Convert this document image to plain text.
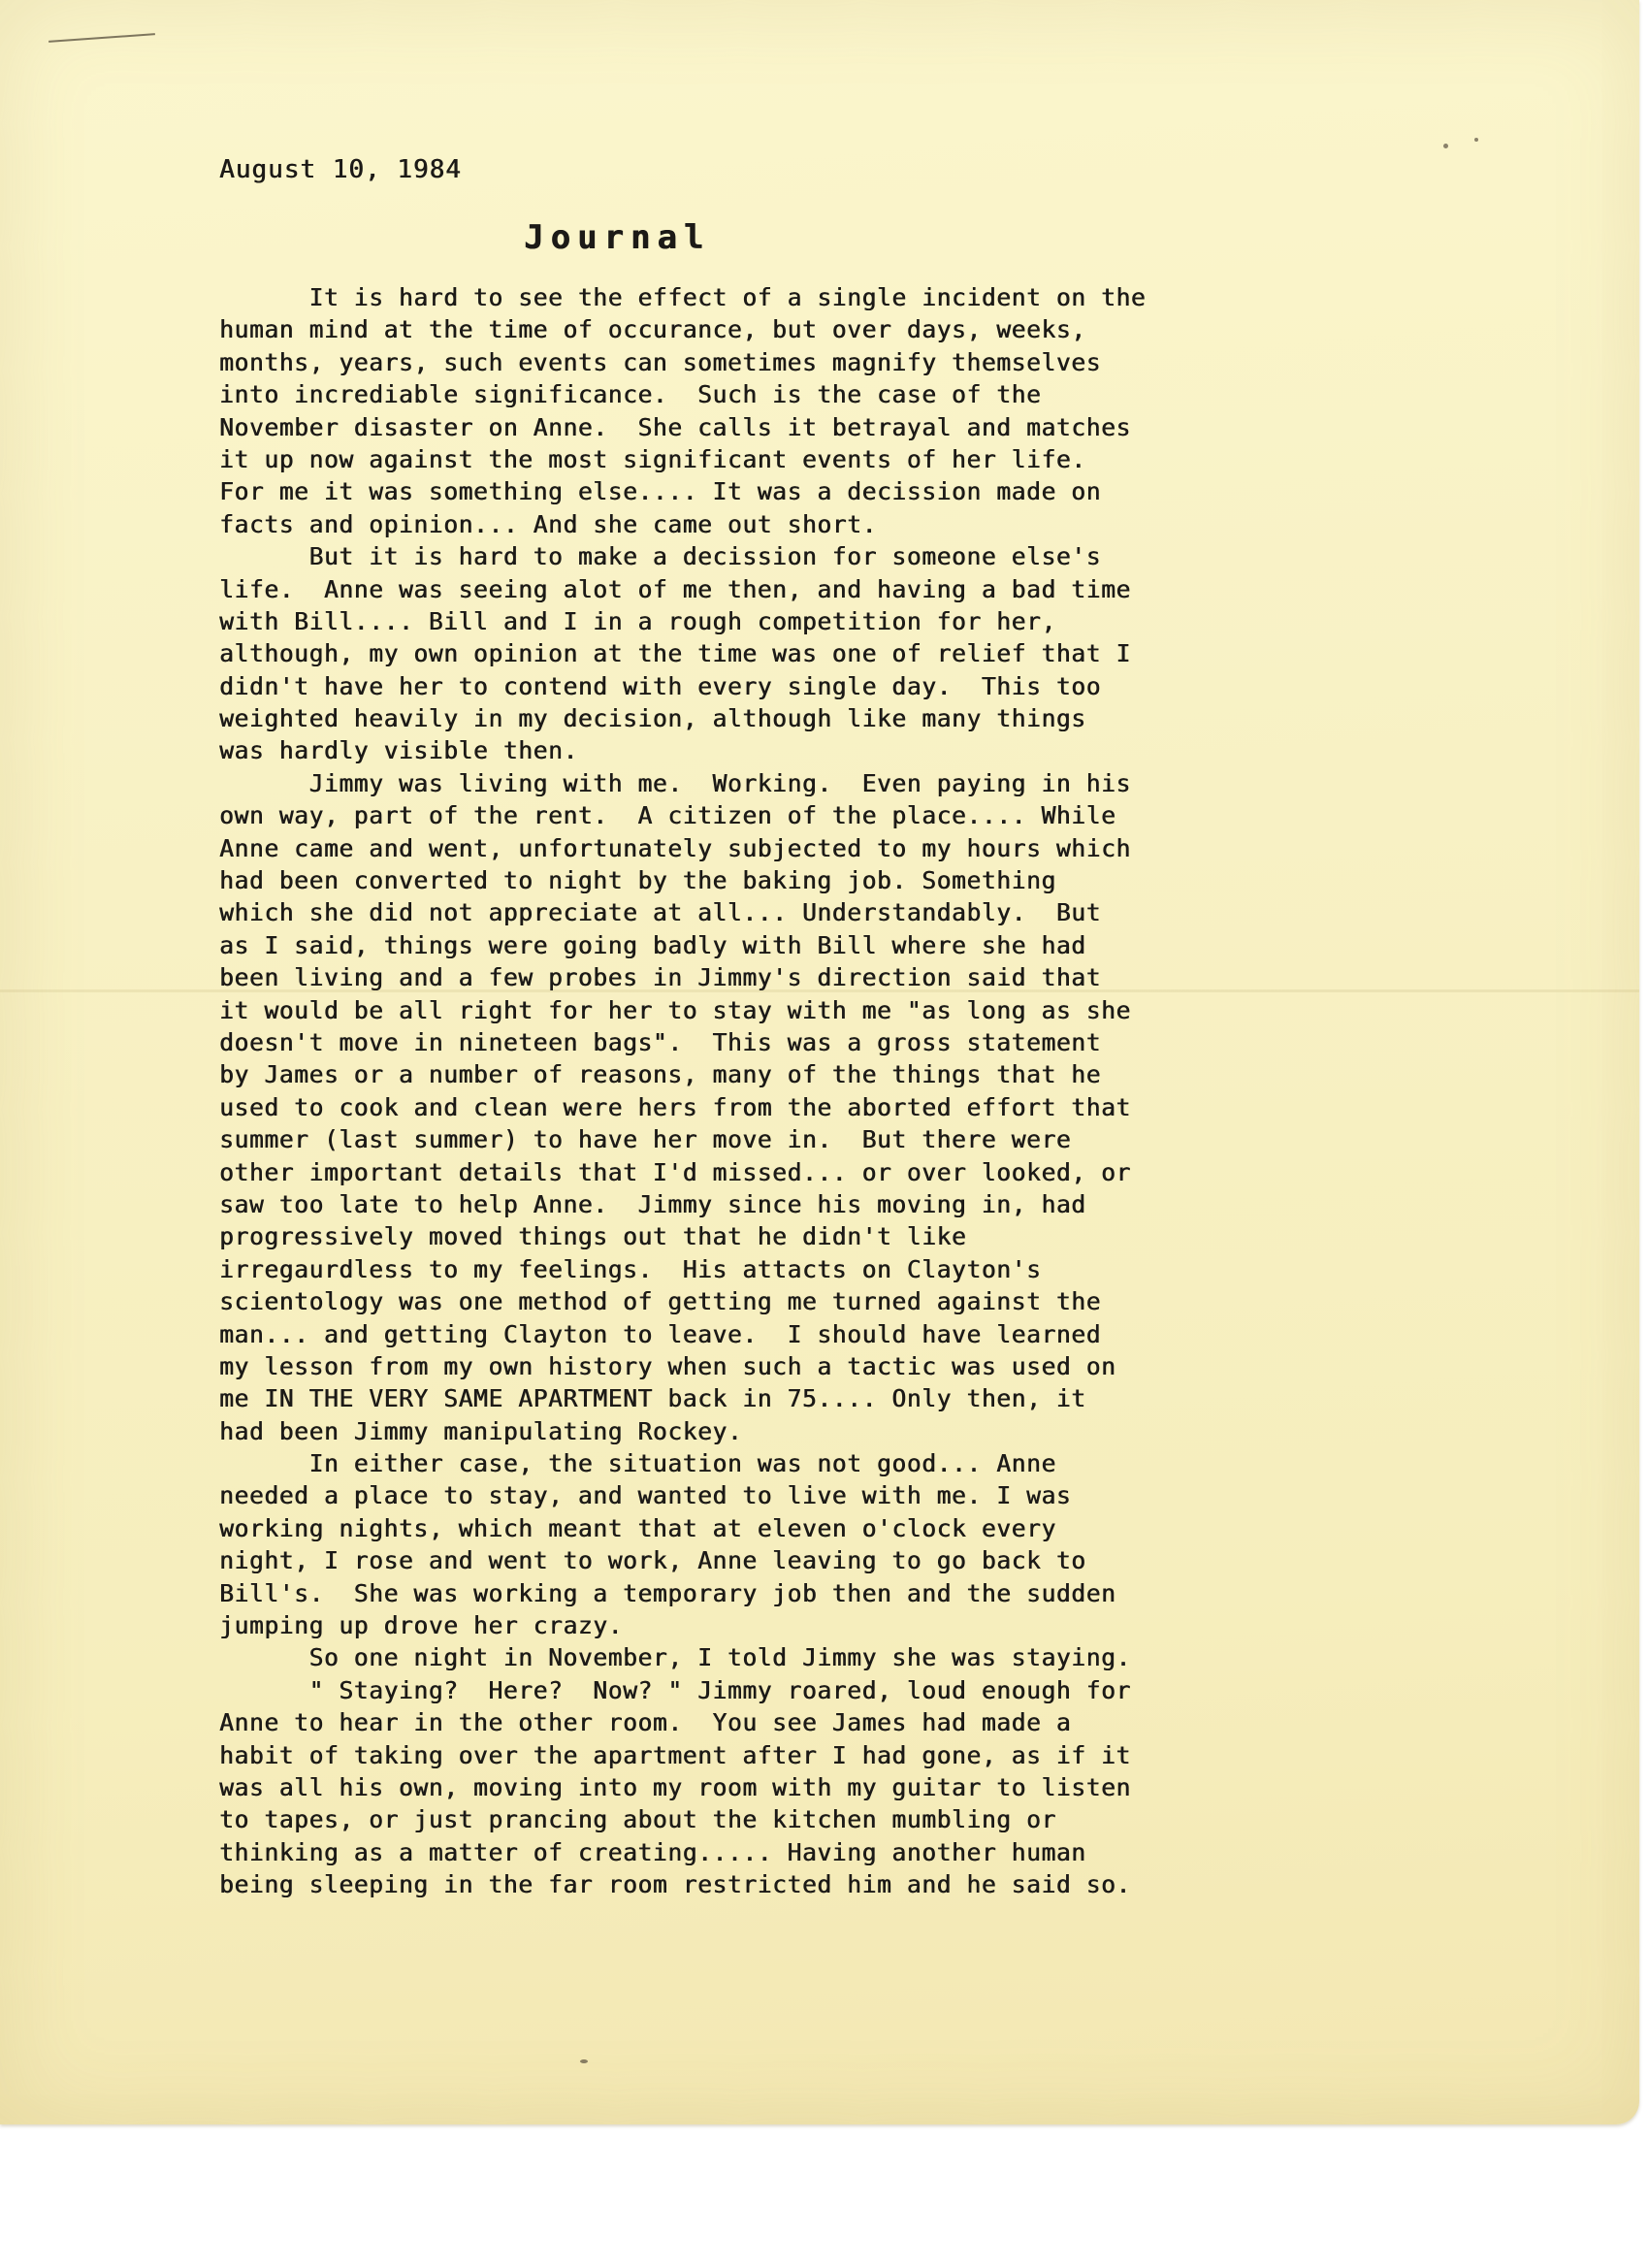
August 10, 1984
Journal
It is hard to see the effect of a single incident on the
human mind at the time of occurance, but over days, weeks,
months, years, such events can sometimes magnify themselves
into incrediable significance.  Such is the case of the
November disaster on Anne.  She calls it betrayal and matches
it up now against the most significant events of her life.
For me it was something else.... It was a decission made on
facts and opinion... And she came out short.
But it is hard to make a decission for someone else's
life.  Anne was seeing alot of me then, and having a bad time
with Bill.... Bill and I in a rough competition for her,
although, my own opinion at the time was one of relief that I
didn't have her to contend with every single day.  This too
weighted heavily in my decision, although like many things
was hardly visible then.
Jimmy was living with me.  Working.  Even paying in his
own way, part of the rent.  A citizen of the place.... While
Anne came and went, unfortunately subjected to my hours which
had been converted to night by the baking job. Something
which she did not appreciate at all... Understandably.  But
as I said, things were going badly with Bill where she had
been living and a few probes in Jimmy's direction said that
it would be all right for her to stay with me "as long as she
doesn't move in nineteen bags".  This was a gross statement
by James or a number of reasons, many of the things that he
used to cook and clean were hers from the aborted effort that
summer (last summer) to have her move in.  But there were
other important details that I'd missed... or over looked, or
saw too late to help Anne.  Jimmy since his moving in, had
progressively moved things out that he didn't like
irregaurdless to my feelings.  His attacts on Clayton's
scientology was one method of getting me turned against the
man... and getting Clayton to leave.  I should have learned
my lesson from my own history when such a tactic was used on
me IN THE VERY SAME APARTMENT back in 75.... Only then, it
had been Jimmy manipulating Rockey.
In either case, the situation was not good... Anne
needed a place to stay, and wanted to live with me. I was
working nights, which meant that at eleven o'clock every
night, I rose and went to work, Anne leaving to go back to
Bill's.  She was working a temporary job then and the sudden
jumping up drove her crazy.
So one night in November, I told Jimmy she was staying.
" Staying?  Here?  Now? " Jimmy roared, loud enough for
Anne to hear in the other room.  You see James had made a
habit of taking over the apartment after I had gone, as if it
was all his own, moving into my room with my guitar to listen
to tapes, or just prancing about the kitchen mumbling or
thinking as a matter of creating..... Having another human
being sleeping in the far room restricted him and he said so.
